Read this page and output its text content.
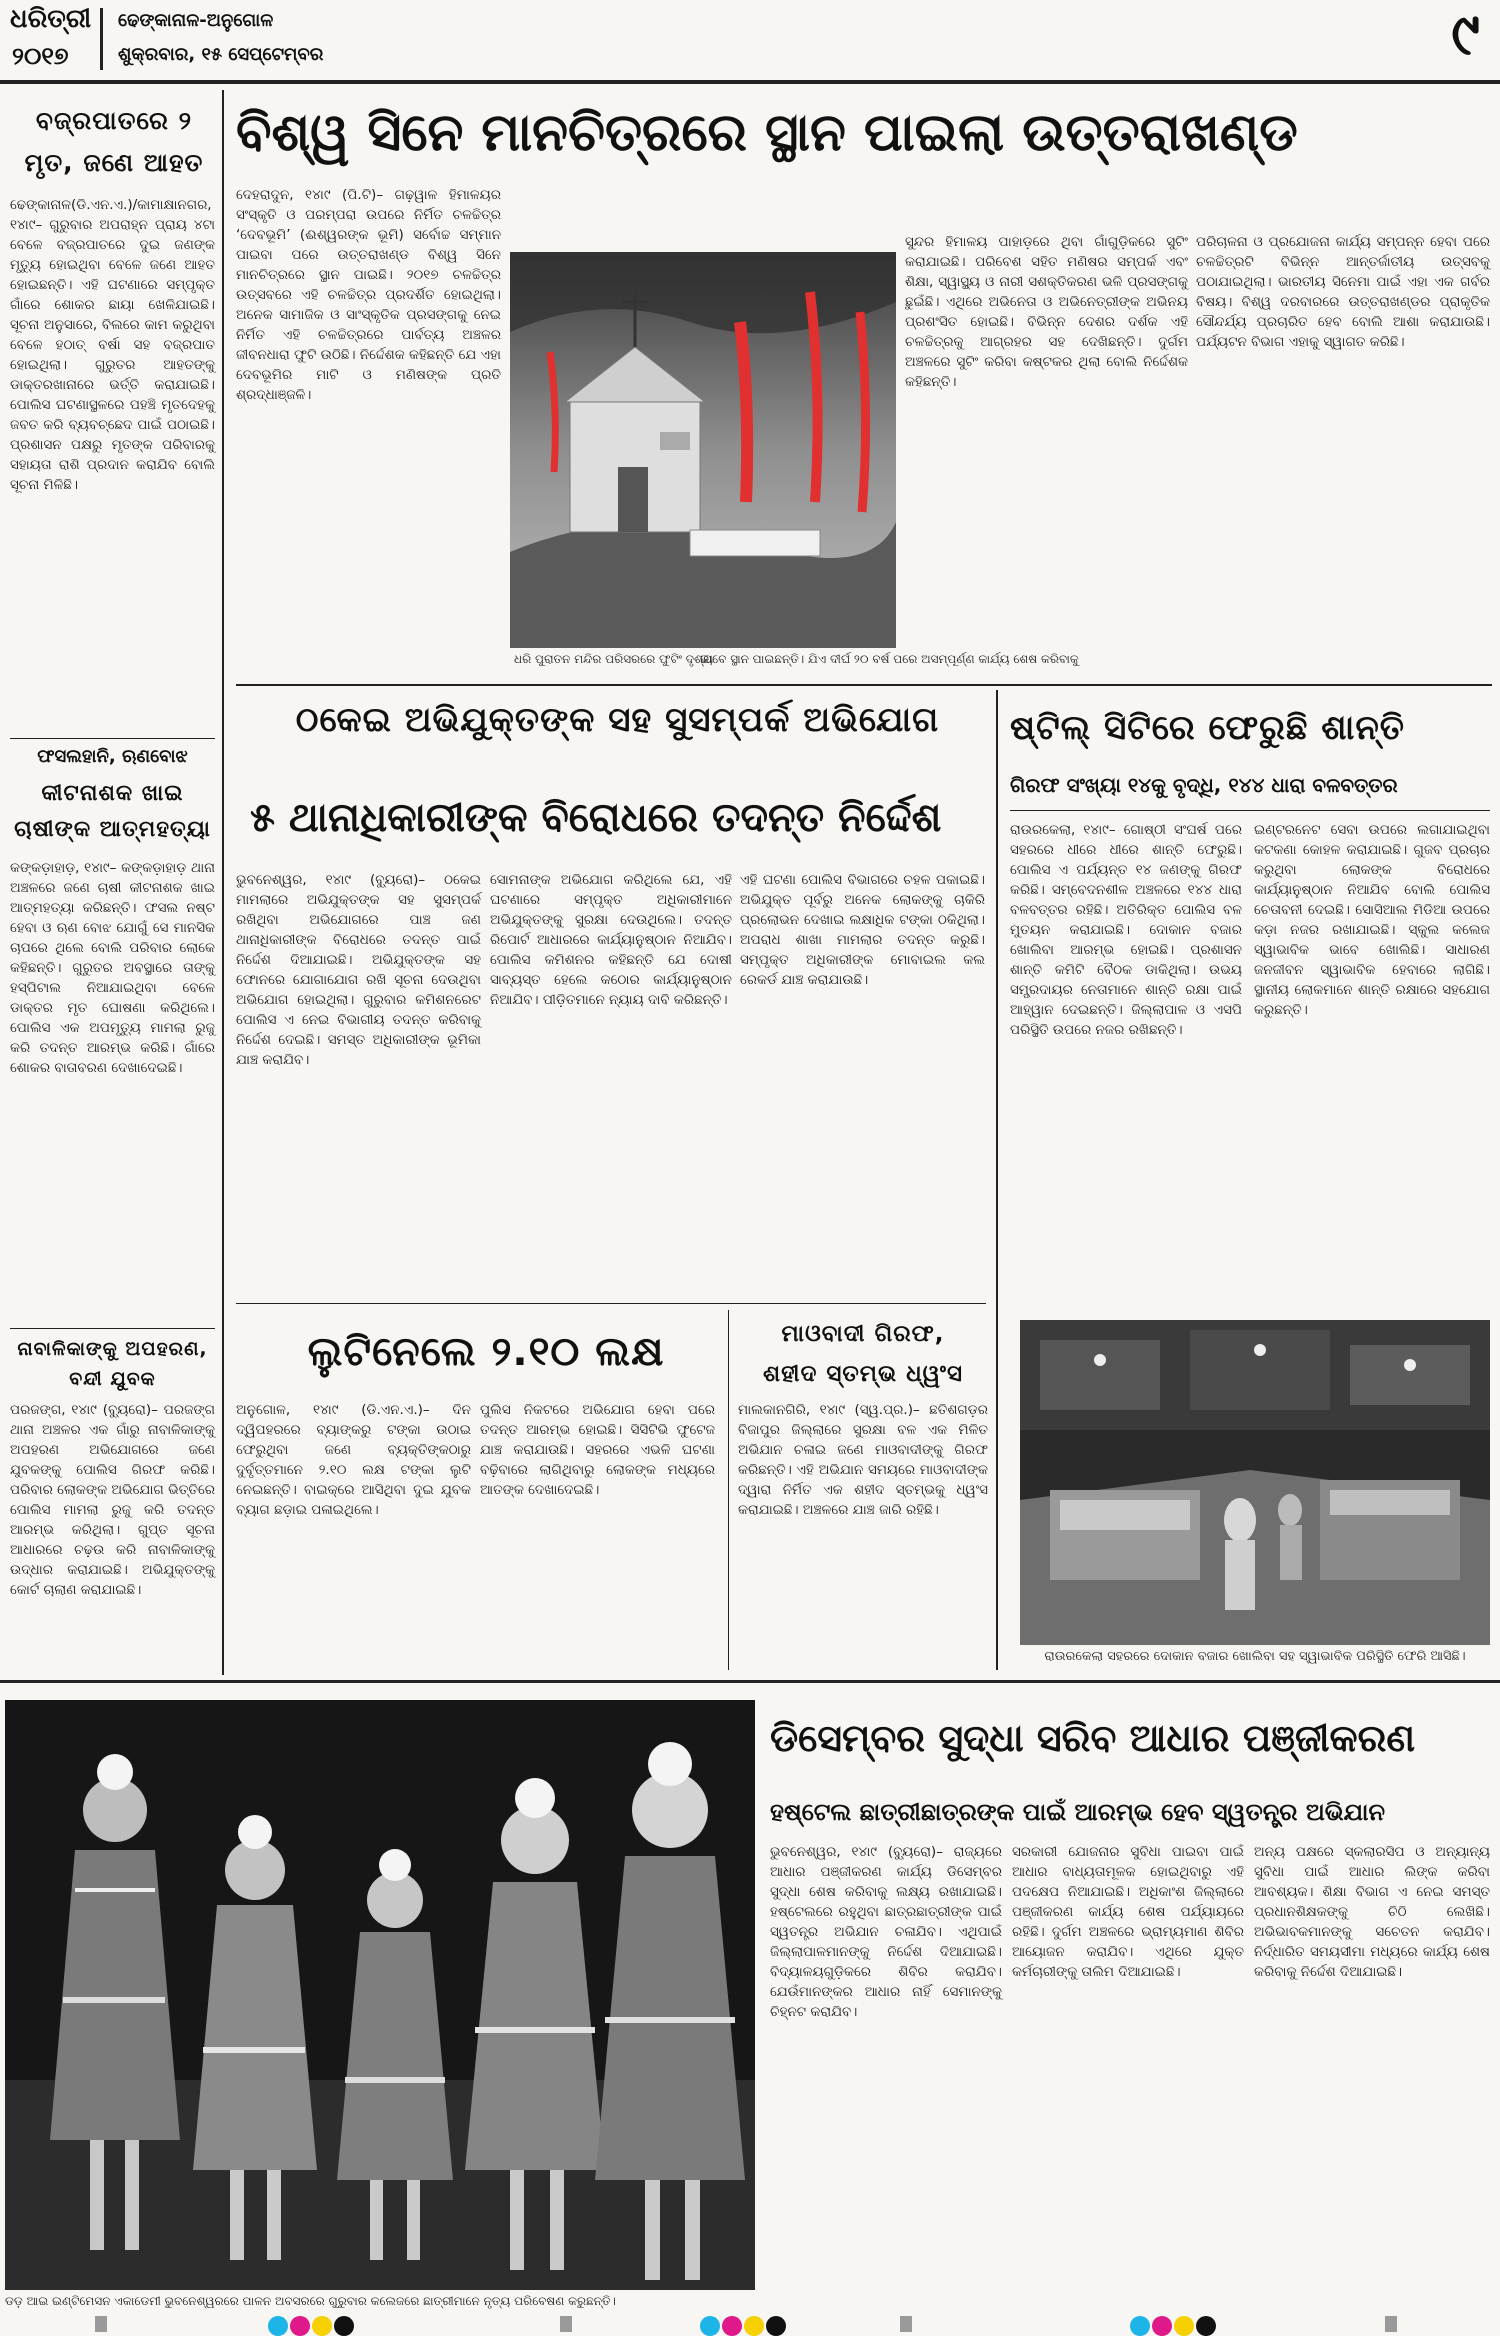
ଧରିତ୍ରୀ
୨୦୧୭
ଢେଙ୍କାନାଳ-ଅନୁଗୋଳ
ଶୁକ୍ରବାର, ୧୫ ସେପ୍ଟେମ୍ବର	୯
ବଜ୍ରପାତରେ ୨ ମୃତ, ଜଣେ ଆହତ
ଢେଙ୍କାନାଳ(ଡି.ଏନ.ଏ.)/କାମାକ୍ଷାନଗର, ୧୪ା୯– ଗୁରୁବାର ଅପରାହ୍ନ ପ୍ରାୟ ୪ଟା ବେଳେ ବଜ୍ରପାତରେ ଦୁଇ ଜଣଙ୍କ ମୃତ୍ୟୁ ହୋଇଥିବା ବେଳେ ଜଣେ ଆହତ ହୋଇଛନ୍ତି। ଏହି ଘଟଣାରେ ସମ୍ପୃକ୍ତ ଗାଁରେ ଶୋକର ଛାୟା ଖେଳିଯାଇଛି। ସୂଚନା ଅନୁସାରେ, ବିଲରେ କାମ କରୁଥିବା ବେଳେ ହଠାତ୍ ବର୍ଷା ସହ ବଜ୍ରପାତ ହୋଇଥିଲା। ଗୁରୁତର ଆହତଙ୍କୁ ଡାକ୍ତରଖାନାରେ ଭର୍ତ୍ତି କରାଯାଇଛି। ପୋଲିସ ଘଟଣାସ୍ଥଳରେ ପହଞ୍ଚି ମୃତଦେହକୁ ଜବତ କରି ବ୍ୟବଚ୍ଛେଦ ପାଇଁ ପଠାଇଛି। ପ୍ରଶାସନ ପକ୍ଷରୁ ମୃତଙ୍କ ପରିବାରକୁ ସହାୟତା ରାଶି ପ୍ରଦାନ କରାଯିବ ବୋଲି ସୂଚନା ମିଳିଛି।
ଫସଲହାନି, ଋଣବୋଝ
କୀଟନାଶକ ଖାଇ ଚାଷୀଙ୍କ ଆତ୍ମହତ୍ୟା
କଙ୍କଡ଼ାହାଡ଼, ୧୪ା୯– କଙ୍କଡ଼ାହାଡ଼ ଥାନା ଅଞ୍ଚଳରେ ଜଣେ ଚାଷୀ କୀଟନାଶକ ଖାଇ ଆତ୍ମହତ୍ୟା କରିଛନ୍ତି। ଫସଲ ନଷ୍ଟ ହେବା ଓ ଋଣ ବୋଝ ଯୋଗୁଁ ସେ ମାନସିକ ଚାପରେ ଥିଲେ ବୋଲି ପରିବାର ଲୋକେ କହିଛନ୍ତି। ଗୁରୁତର ଅବସ୍ଥାରେ ତାଙ୍କୁ ହସ୍ପିଟାଲ ନିଆଯାଇଥିବା ବେଳେ ଡାକ୍ତର ମୃତ ଘୋଷଣା କରିଥିଲେ। ପୋଲିସ ଏକ ଅପମୃତ୍ୟୁ ମାମଲା ରୁଜୁ କରି ତଦନ୍ତ ଆରମ୍ଭ କରିଛି। ଗାଁରେ ଶୋକର ବାତାବରଣ ଦେଖାଦେଇଛି।
ନାବାଳିକାଙ୍କୁ ଅପହରଣ, ବନ୍ଦୀ ଯୁବକ
ପରଜଙ୍ଗ, ୧୪ା୯ (ବ୍ୟୁରୋ)– ପରଜଙ୍ଗ ଥାନା ଅଞ୍ଚଳର ଏକ ଗାଁରୁ ନାବାଳିକାଙ୍କୁ ଅପହରଣ ଅଭିଯୋଗରେ ଜଣେ ଯୁବକଙ୍କୁ ପୋଲିସ ଗିରଫ କରିଛି। ପରିବାର ଲୋକଙ୍କ ଅଭିଯୋଗ ଭିତ୍ତିରେ ପୋଲିସ ମାମଲା ରୁଜୁ କରି ତଦନ୍ତ ଆରମ୍ଭ କରିଥିଲା। ଗୁପ୍ତ ସୂଚନା ଆଧାରରେ ଚଢ଼ଉ କରି ନାବାଳିକାଙ୍କୁ ଉଦ୍ଧାର କରାଯାଇଛି। ଅଭିଯୁକ୍ତଙ୍କୁ କୋର୍ଟ ଚାଲାଣ କରାଯାଇଛି।
ବିଶ୍ୱ ସିନେ ମାନଚିତ୍ରରେ ସ୍ଥାନ ପାଇଲା ଉତ୍ତରାଖଣ୍ଡ
ଦେହରାଦୁନ, ୧୪ା୯ (ପି.ଟି)– ଗଢ଼ୱାଳ ହିମାଳୟର ସଂସ୍କୃତି ଓ ପରମ୍ପରା ଉପରେ ନିର୍ମିତ ଚଳଚ୍ଚିତ୍ର ‘ଦେବଭୂମି’ (ଈଶ୍ୱରଙ୍କ ଭୂମି) ସର୍ବୋଚ୍ଚ ସମ୍ମାନ ପାଇବା ପରେ ଉତ୍ତରାଖଣ୍ଡ ବିଶ୍ୱ ସିନେ ମାନଚିତ୍ରରେ ସ୍ଥାନ ପାଇଛି। ୨୦୧୭ ଚଳଚ୍ଚିତ୍ର ଉତ୍ସବରେ ଏହି ଚଳଚ୍ଚିତ୍ର ପ୍ରଦର୍ଶିତ ହୋଇଥିଲା। ଅନେକ ସାମାଜିକ ଓ ସାଂସ୍କୃତିକ ପ୍ରସଙ୍ଗକୁ ନେଇ ନିର୍ମିତ ଏହି ଚଳଚ୍ଚିତ୍ରରେ ପାର୍ବତ୍ୟ ଅଞ୍ଚଳର ଜୀବନଧାରା ଫୁଟି ଉଠିଛି। ନିର୍ଦ୍ଦେଶକ କହିଛନ୍ତି ଯେ ଏହା ଦେବଭୂମିର ମାଟି ଓ ମଣିଷଙ୍କ ପ୍ରତି ଶ୍ରଦ୍ଧାଞ୍ଜଳି।
ଧରି ପୁରାତନ ମନ୍ଦିର ପରିସରରେ ଫୁଟିଂ ଦୃଶ୍ୟ
ଭାବେ ସ୍ଥାନ ପାଇଛନ୍ତି। ଯିଏ ଦୀର୍ଘ ୨୦ ବର୍ଷ ପରେ ଅସମ୍ପୂର୍ଣ୍ଣ କାର୍ଯ୍ୟ ଶେଷ କରିବାକୁ
ସୁନ୍ଦର ହିମାଳୟ ପାହାଡ଼ରେ ଥିବା ଗାଁଗୁଡ଼ିକରେ ସୁଟିଂ କରାଯାଇଛି। ପରିବେଶ ସହିତ ମଣିଷର ସମ୍ପର୍କ ଏବଂ ଶିକ୍ଷା, ସ୍ୱାସ୍ଥ୍ୟ ଓ ନାରୀ ସଶକ୍ତିକରଣ ଭଳି ପ୍ରସଙ୍ଗକୁ ଛୁଇଁଛି। ଏଥିରେ ଅଭିନେତା ଓ ଅଭିନେତ୍ରୀଙ୍କ ଅଭିନୟ ପ୍ରଶଂସିତ ହୋଇଛି। ବିଭିନ୍ନ ଦେଶର ଦର୍ଶକ ଏହି ଚଳଚ୍ଚିତ୍ରକୁ ଆଗ୍ରହର ସହ ଦେଖିଛନ୍ତି। ଦୁର୍ଗମ ଅଞ୍ଚଳରେ ସୁଟିଂ କରିବା କଷ୍ଟକର ଥିଲା ବୋଲି ନିର୍ଦ୍ଦେଶକ କହିଛନ୍ତି।
ପରିଚାଳନା ଓ ପ୍ରଯୋଜନା କାର୍ଯ୍ୟ ସମ୍ପନ୍ନ ହେବା ପରେ ଚଳଚ୍ଚିତ୍ରଟି ବିଭିନ୍ନ ଆନ୍ତର୍ଜାତୀୟ ଉତ୍ସବକୁ ପଠାଯାଇଥିଲା। ଭାରତୀୟ ସିନେମା ପାଇଁ ଏହା ଏକ ଗର୍ବର ବିଷୟ। ବିଶ୍ୱ ଦରବାରରେ ଉତ୍ତରାଖଣ୍ଡର ପ୍ରାକୃତିକ ସୌନ୍ଦର୍ଯ୍ୟ ପ୍ରଚାରିତ ହେବ ବୋଲି ଆଶା କରାଯାଉଛି। ପର୍ଯ୍ୟଟନ ବିଭାଗ ଏହାକୁ ସ୍ୱାଗତ କରିଛି।
ଠକେଇ ଅଭିଯୁକ୍ତଙ୍କ ସହ ସୁସମ୍ପର୍କ ଅଭିଯୋଗ
୫ ଥାନାଧିକାରୀଙ୍କ ବିରୋଧରେ ତଦନ୍ତ ନିର୍ଦ୍ଦେଶ
ଭୁବନେଶ୍ୱର, ୧୪ା୯ (ବ୍ୟୁରୋ)– ଠକେଇ ମାମଲାରେ ଅଭିଯୁକ୍ତଙ୍କ ସହ ସୁସମ୍ପର୍କ ରଖିଥିବା ଅଭିଯୋଗରେ ପାଞ୍ଚ ଜଣ ଥାନାଧିକାରୀଙ୍କ ବିରୋଧରେ ତଦନ୍ତ ପାଇଁ ନିର୍ଦ୍ଦେଶ ଦିଆଯାଇଛି। ଅଭିଯୁକ୍ତଙ୍କ ସହ ଫୋନରେ ଯୋଗାଯୋଗ ରଖି ସୂଚନା ଦେଉଥିବା ଅଭିଯୋଗ ହୋଇଥିଲା। ଗୁରୁବାର କମିଶନରେଟ ପୋଲିସ ଏ ନେଇ ବିଭାଗୀୟ ତଦନ୍ତ କରିବାକୁ ନିର୍ଦ୍ଦେଶ ଦେଇଛି। ସମସ୍ତ ଅଧିକାରୀଙ୍କ ଭୂମିକା ଯାଞ୍ଚ କରାଯିବ।
ସୋମନାଙ୍କ ଅଭିଯୋଗ କରିଥିଲେ ଯେ, ଏହି ଘଟଣାରେ ସମ୍ପୃକ୍ତ ଅଧିକାରୀମାନେ ଅଭିଯୁକ୍ତଙ୍କୁ ସୁରକ୍ଷା ଦେଉଥିଲେ। ତଦନ୍ତ ରିପୋର୍ଟ ଆଧାରରେ କାର୍ଯ୍ୟାନୁଷ୍ଠାନ ନିଆଯିବ। ପୋଲିସ କମିଶନର କହିଛନ୍ତି ଯେ ଦୋଷୀ ସାବ୍ୟସ୍ତ ହେଲେ କଠୋର କାର୍ଯ୍ୟାନୁଷ୍ଠାନ ନିଆଯିବ। ପୀଡ଼ିତମାନେ ନ୍ୟାୟ ଦାବି କରିଛନ୍ତି।
ଏହି ଘଟଣା ପୋଲିସ ବିଭାଗରେ ଚହଳ ପକାଇଛି। ଅଭିଯୁକ୍ତ ପୂର୍ବରୁ ଅନେକ ଲୋକଙ୍କୁ ଚାକିରି ପ୍ରଲୋଭନ ଦେଖାଇ ଲକ୍ଷାଧିକ ଟଙ୍କା ଠକିଥିଲା। ଅପରାଧ ଶାଖା ମାମଲାର ତଦନ୍ତ କରୁଛି। ସମ୍ପୃକ୍ତ ଅଧିକାରୀଙ୍କ ମୋବାଇଲ କଲ ରେକର୍ଡ ଯାଞ୍ଚ କରାଯାଉଛି।
ଷ୍ଟିଲ୍ ସିଟିରେ ଫେରୁଛି ଶାନ୍ତି
ଗିରଫ ସଂଖ୍ୟା ୧୪କୁ ବୃଦ୍ଧି, ୧୪୪ ଧାରା ବଳବତ୍ତର
ରାଉରକେଲା, ୧୪ା୯– ଗୋଷ୍ଠୀ ସଂଘର୍ଷ ପରେ ସହରରେ ଧୀରେ ଧୀରେ ଶାନ୍ତି ଫେରୁଛି। ପୋଲିସ ଏ ପର୍ଯ୍ୟନ୍ତ ୧୪ ଜଣଙ୍କୁ ଗିରଫ କରିଛି। ସମ୍ବେଦନଶୀଳ ଅଞ୍ଚଳରେ ୧୪୪ ଧାରା ବଳବତ୍ତର ରହିଛି। ଅତିରିକ୍ତ ପୋଲିସ ବଳ ମୁତୟନ କରାଯାଇଛି। ଦୋକାନ ବଜାର ଖୋଲିବା ଆରମ୍ଭ ହୋଇଛି। ପ୍ରଶାସନ ଶାନ୍ତି କମିଟି ବୈଠକ ଡାକିଥିଲା। ଉଭୟ ସମ୍ପ୍ରଦାୟର ନେତାମାନେ ଶାନ୍ତି ରକ୍ଷା ପାଇଁ ଆହ୍ୱାନ ଦେଇଛନ୍ତି। ଜିଲ୍ଲାପାଳ ଓ ଏସପି ପରିସ୍ଥିତି ଉପରେ ନଜର ରଖିଛନ୍ତି।
ଇଣ୍ଟରନେଟ ସେବା ଉପରେ ଲଗାଯାଇଥିବା କଟକଣା କୋହଳ କରାଯାଇଛି। ଗୁଜବ ପ୍ରଚାର କରୁଥିବା ଲୋକଙ୍କ ବିରୋଧରେ କାର୍ଯ୍ୟାନୁଷ୍ଠାନ ନିଆଯିବ ବୋଲି ପୋଲିସ ଚେତାବନୀ ଦେଇଛି। ସୋସିଆଲ ମିଡିଆ ଉପରେ କଡ଼ା ନଜର ରଖାଯାଇଛି। ସ୍କୁଲ କଲେଜ ସ୍ୱାଭାବିକ ଭାବେ ଖୋଲିଛି। ସାଧାରଣ ଜନଜୀବନ ସ୍ୱାଭାବିକ ହେବାରେ ଲାଗିଛି। ସ୍ଥାନୀୟ ଲୋକମାନେ ଶାନ୍ତି ରକ୍ଷାରେ ସହଯୋଗ କରୁଛନ୍ତି।
ରାଉରକେଲା ସହରରେ ଦୋକାନ ବଜାର ଖୋଲିବା ସହ ସ୍ୱାଭାବିକ ପରିସ୍ଥିତି ଫେରି ଆସିଛି।
ଲୁଟିନେଲେ ୨.୧୦ ଲକ୍ଷ
ଅନୁଗୋଳ, ୧୪ା୯ (ଡି.ଏନ.ଏ.)– ଦିନ ଦ୍ୱିପହରରେ ବ୍ୟାଙ୍କରୁ ଟଙ୍କା ଉଠାଇ ଫେରୁଥିବା ଜଣେ ବ୍ୟକ୍ତିଙ୍କଠାରୁ ଦୁର୍ବୃତ୍ତମାନେ ୨.୧୦ ଲକ୍ଷ ଟଙ୍କା ଲୁଟି ନେଇଛନ୍ତି। ବାଇକ୍‌ରେ ଆସିଥିବା ଦୁଇ ଯୁବକ ବ୍ୟାଗ ଛଡ଼ାଇ ପଳାଇଥିଲେ।
ପୁଲିସ ନିକଟରେ ଅଭିଯୋଗ ହେବା ପରେ ତଦନ୍ତ ଆରମ୍ଭ ହୋଇଛି। ସିସିଟିଭି ଫୁଟେଜ ଯାଞ୍ଚ କରାଯାଉଛି। ସହରରେ ଏଭଳି ଘଟଣା ବଢ଼ିବାରେ ଲାଗିଥିବାରୁ ଲୋକଙ୍କ ମଧ୍ୟରେ ଆତଙ୍କ ଦେଖାଦେଇଛି।
ମାଓବାଦୀ ଗିରଫ,
ଶହୀଦ ସ୍ତମ୍ଭ ଧ୍ୱଂସ
ମାଲକାନଗିରି, ୧୪ା୯ (ସ୍ୱ.ପ୍ର.)– ଛତିଶଗଡ଼ର ବିଜାପୁର ଜିଲ୍ଲାରେ ସୁରକ୍ଷା ବଳ ଏକ ମିଳିତ ଅଭିଯାନ ଚଳାଇ ଜଣେ ମାଓବାଦୀଙ୍କୁ ଗିରଫ କରିଛନ୍ତି। ଏହି ଅଭିଯାନ ସମୟରେ ମାଓବାଦୀଙ୍କ ଦ୍ୱାରା ନିର୍ମିତ ଏକ ଶହୀଦ ସ୍ତମ୍ଭକୁ ଧ୍ୱଂସ କରାଯାଇଛି। ଅଞ୍ଚଳରେ ଯାଞ୍ଚ ଜାରି ରହିଛି।
ଡଡ଼ ଆଇ ଇଣ୍ଟିମେସନ ଏକାଡେମୀ ଭୁବନେଶ୍ୱରରେ ପାଳନ ଅବସରରେ ଗୁରୁବାର କଲେଜରେ ଛାତ୍ରୀମାନେ ନୃତ୍ୟ ପରିବେଷଣ କରୁଛନ୍ତି।
ଡିସେମ୍ବର ସୁଦ୍ଧା ସରିବ ଆଧାର ପଞ୍ଜୀକରଣ
ହଷ୍ଟେଲ ଛାତ୍ରୀଛାତ୍ରଙ୍କ ପାଇଁ ଆରମ୍ଭ ହେବ ସ୍ୱତନ୍ତ୍ର ଅଭିଯାନ
ଭୁବନେଶ୍ୱର, ୧୪ା୯ (ବ୍ୟୁରୋ)– ରାଜ୍ୟରେ ଆଧାର ପଞ୍ଜୀକରଣ କାର୍ଯ୍ୟ ଡିସେମ୍ବର ସୁଦ୍ଧା ଶେଷ କରିବାକୁ ଲକ୍ଷ୍ୟ ରଖାଯାଇଛି। ହଷ୍ଟେଲରେ ରହୁଥିବା ଛାତ୍ରଛାତ୍ରୀଙ୍କ ପାଇଁ ସ୍ୱତନ୍ତ୍ର ଅଭିଯାନ ଚଳାଯିବ। ଏଥିପାଇଁ ଜିଲ୍ଲାପାଳମାନଙ୍କୁ ନିର୍ଦ୍ଦେଶ ଦିଆଯାଇଛି। ବିଦ୍ୟାଳୟଗୁଡ଼ିକରେ ଶିବିର କରାଯିବ। ଯେଉଁମାନଙ୍କର ଆଧାର ନାହିଁ ସେମାନଙ୍କୁ ଚିହ୍ନଟ କରାଯିବ।
ସରକାରୀ ଯୋଜନାର ସୁବିଧା ପାଇବା ପାଇଁ ଆଧାର ବାଧ୍ୟତାମୂଳକ ହୋଇଥିବାରୁ ଏହି ପଦକ୍ଷେପ ନିଆଯାଇଛି। ଅଧିକାଂଶ ଜିଲ୍ଲାରେ ପଞ୍ଜୀକରଣ କାର୍ଯ୍ୟ ଶେଷ ପର୍ଯ୍ୟାୟରେ ରହିଛି। ଦୁର୍ଗମ ଅଞ୍ଚଳରେ ଭ୍ରାମ୍ୟମାଣ ଶିବିର ଆୟୋଜନ କରାଯିବ। ଏଥିରେ ଯୁକ୍ତ କର୍ମଚାରୀଙ୍କୁ ତାଲିମ ଦିଆଯାଇଛି।
ଅନ୍ୟ ପକ୍ଷରେ ସ୍କଲାରସିପ ଓ ଅନ୍ୟାନ୍ୟ ସୁବିଧା ପାଇଁ ଆଧାର ଲିଙ୍କ କରିବା ଆବଶ୍ୟକ। ଶିକ୍ଷା ବିଭାଗ ଏ ନେଇ ସମସ୍ତ ପ୍ରଧାନଶିକ୍ଷକଙ୍କୁ ଚିଠି ଲେଖିଛି। ଅଭିଭାବକମାନଙ୍କୁ ସଚେତନ କରାଯିବ। ନିର୍ଦ୍ଧାରିତ ସମୟସୀମା ମଧ୍ୟରେ କାର୍ଯ୍ୟ ଶେଷ କରିବାକୁ ନିର୍ଦ୍ଦେଶ ଦିଆଯାଇଛି।
